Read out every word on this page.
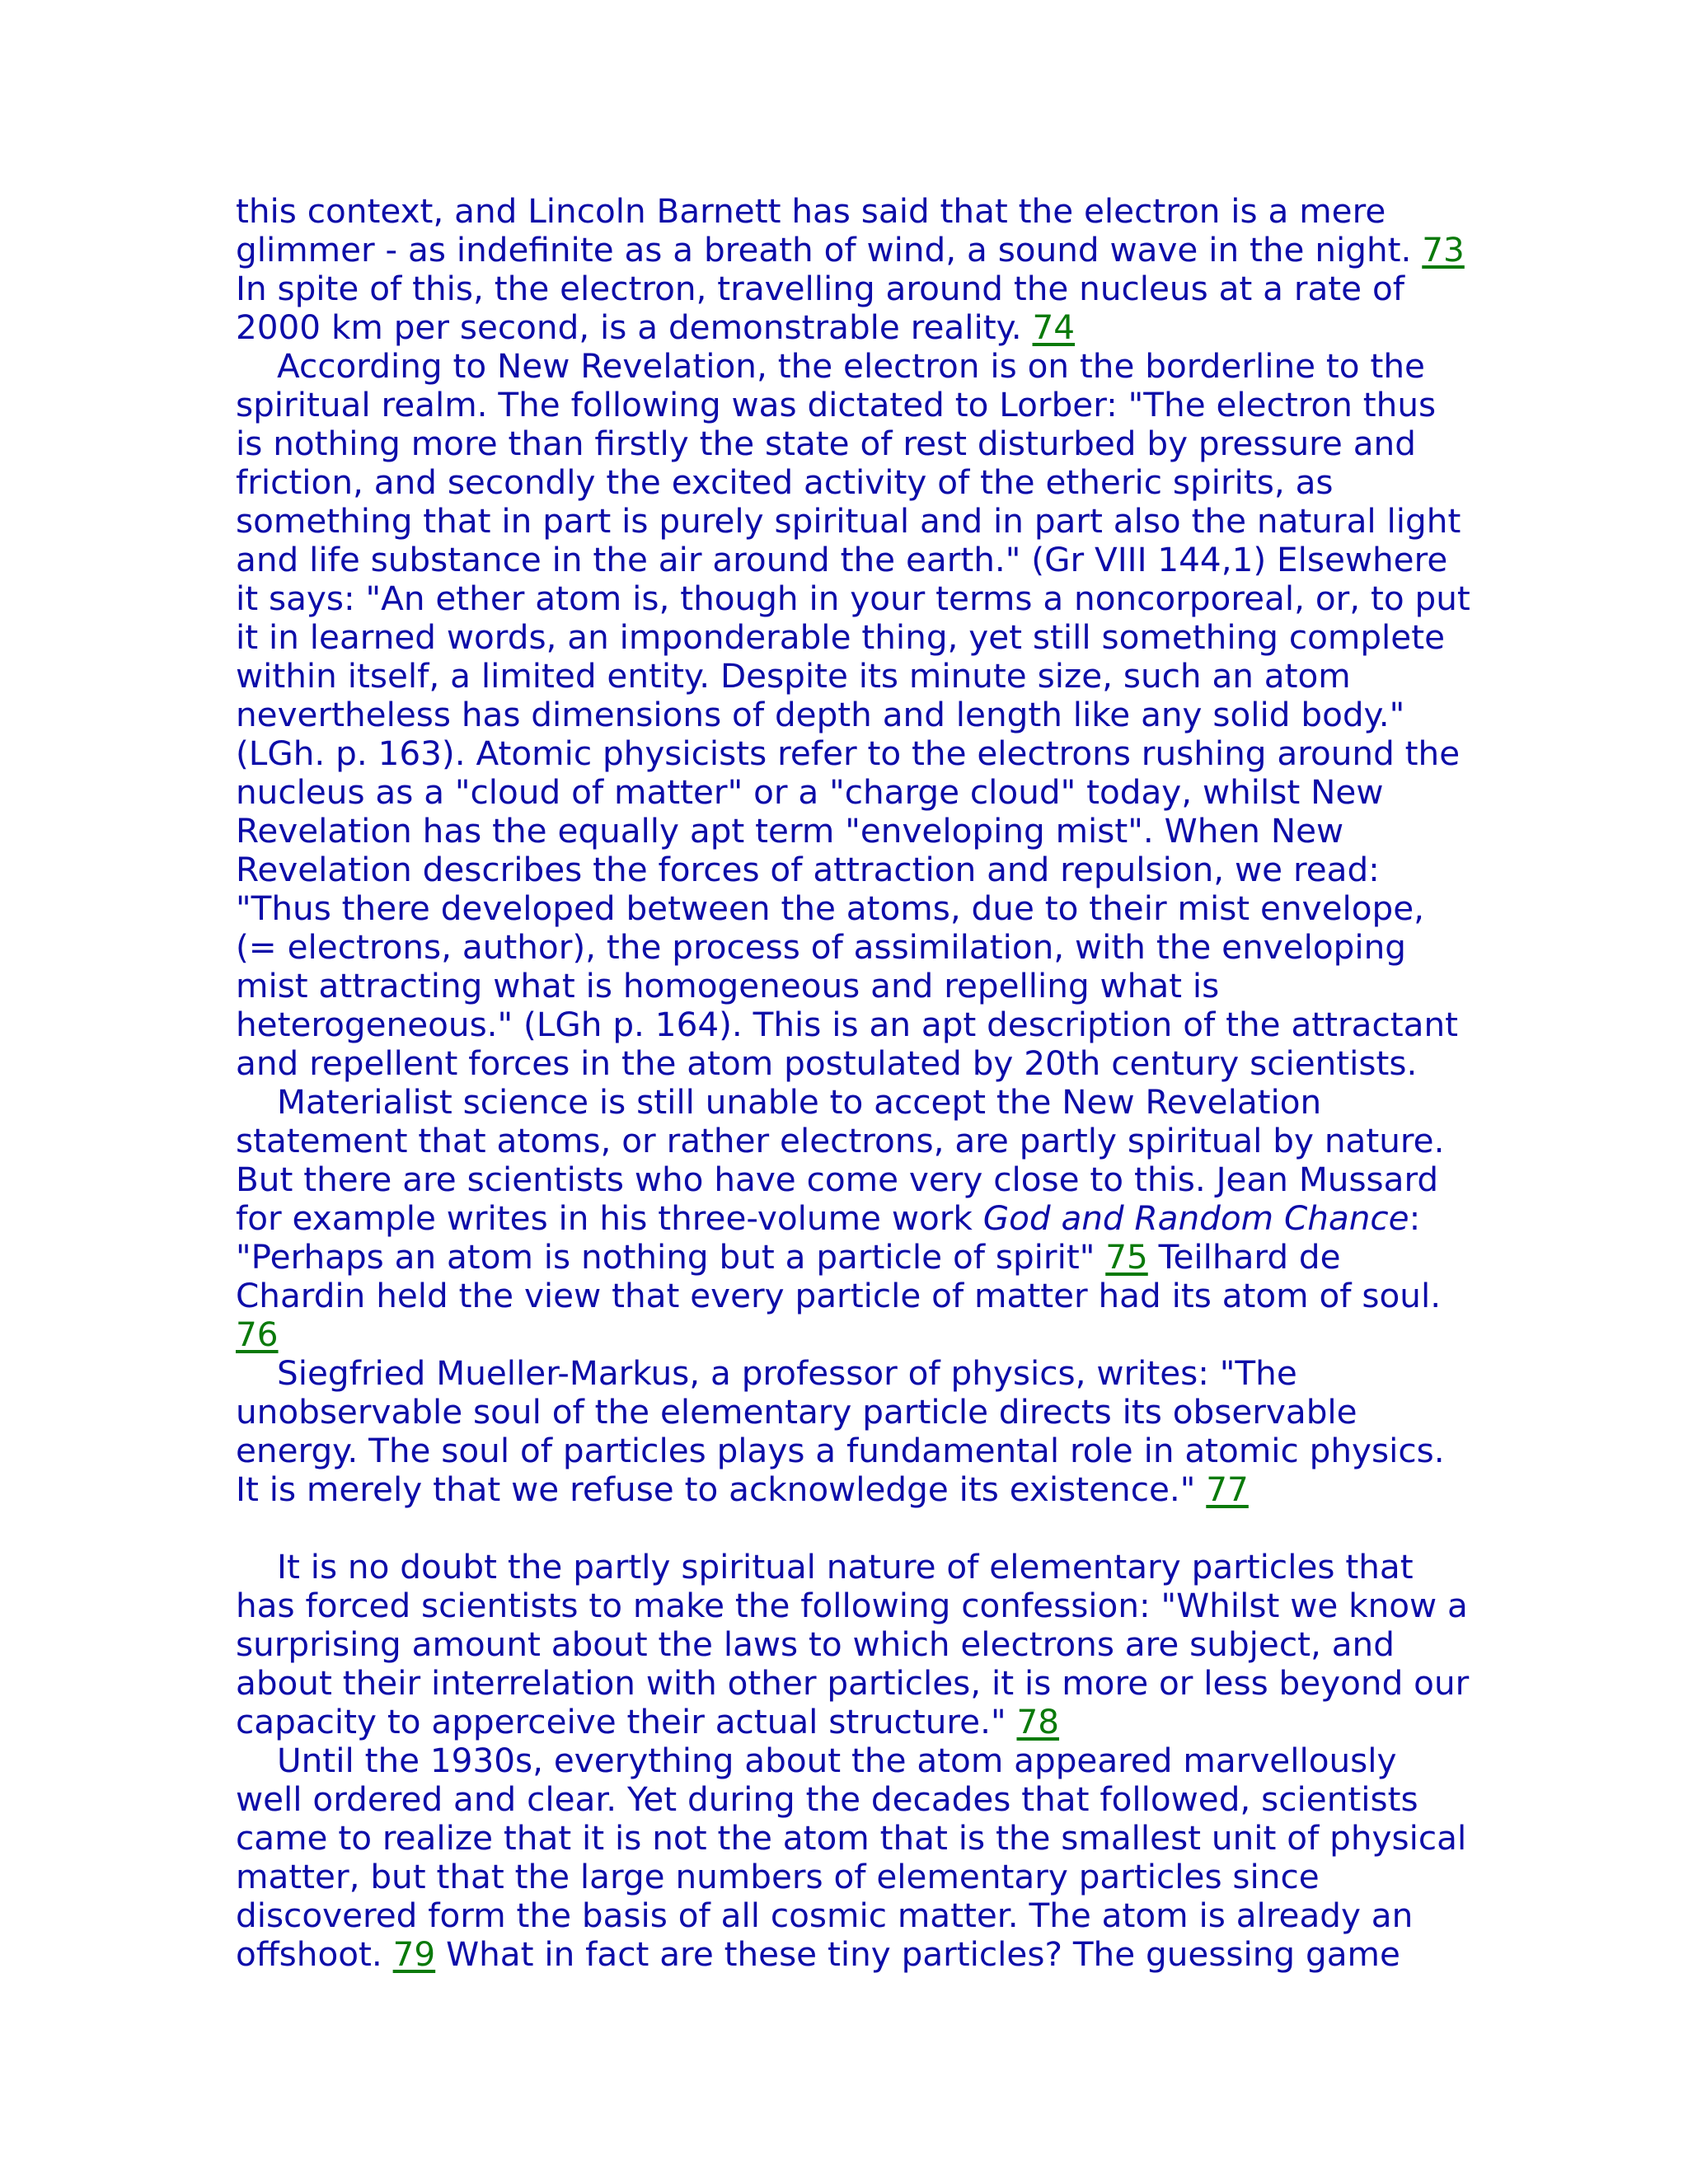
this context, and Lincoln Barnett has said that the electron is a mere glimmer - as indefinite as a breath of wind, a sound wave in the night. 73 In spite of this, the electron, travelling around the nucleus at a rate of 2000 km per second, is a demonstrable reality. 74

According to New Revelation, the electron is on the borderline to the spiritual realm. The following was dictated to Lorber: "The electron thus is nothing more than firstly the state of rest disturbed by pressure and friction, and secondly the excited activity of the etheric spirits, as something that in part is purely spiritual and in part also the natural light and life substance in the air around the earth." (Gr VIII 144,1) Elsewhere it says: "An ether atom is, though in your terms a noncorporeal, or, to put it in learned words, an imponderable thing, yet still something complete within itself, a limited entity. Despite its minute size, such an atom nevertheless has dimensions of depth and length like any solid body." (LGh. p. 163). Atomic physicists refer to the electrons rushing around the nucleus as a "cloud of matter" or a "charge cloud" today, whilst New Revelation has the equally apt term "enveloping mist". When New Revelation describes the forces of attraction and repulsion, we read: "Thus there developed between the atoms, due to their mist envelope, (= electrons, author), the process of assimilation, with the enveloping mist attracting what is homogeneous and repelling what is heterogeneous." (LGh p. 164). This is an apt description of the attractant and repellent forces in the atom postulated by 20th century scientists.

Materialist science is still unable to accept the New Revelation statement that atoms, or rather electrons, are partly spiritual by nature. But there are scientists who have come very close to this. Jean Mussard for example writes in his three-volume work God and Random Chance: "Perhaps an atom is nothing but a particle of spirit" 75 Teilhard de Chardin held the view that every particle of matter had its atom of soul. 76

Siegfried Mueller-Markus, a professor of physics, writes: "The unobservable soul of the elementary particle directs its observable energy. The soul of particles plays a fundamental role in atomic physics. It is merely that we refuse to acknowledge its existence." 77

It is no doubt the partly spiritual nature of elementary particles that has forced scientists to make the following confession: "Whilst we know a surprising amount about the laws to which electrons are subject, and about their interrelation with other particles, it is more or less beyond our capacity to apperceive their actual structure." 78

Until the 1930s, everything about the atom appeared marvellously well ordered and clear. Yet during the decades that followed, scientists came to realize that it is not the atom that is the smallest unit of physical matter, but that the large numbers of elementary particles since discovered form the basis of all cosmic matter. The atom is already an offshoot. 79 What in fact are these tiny particles? The guessing game
